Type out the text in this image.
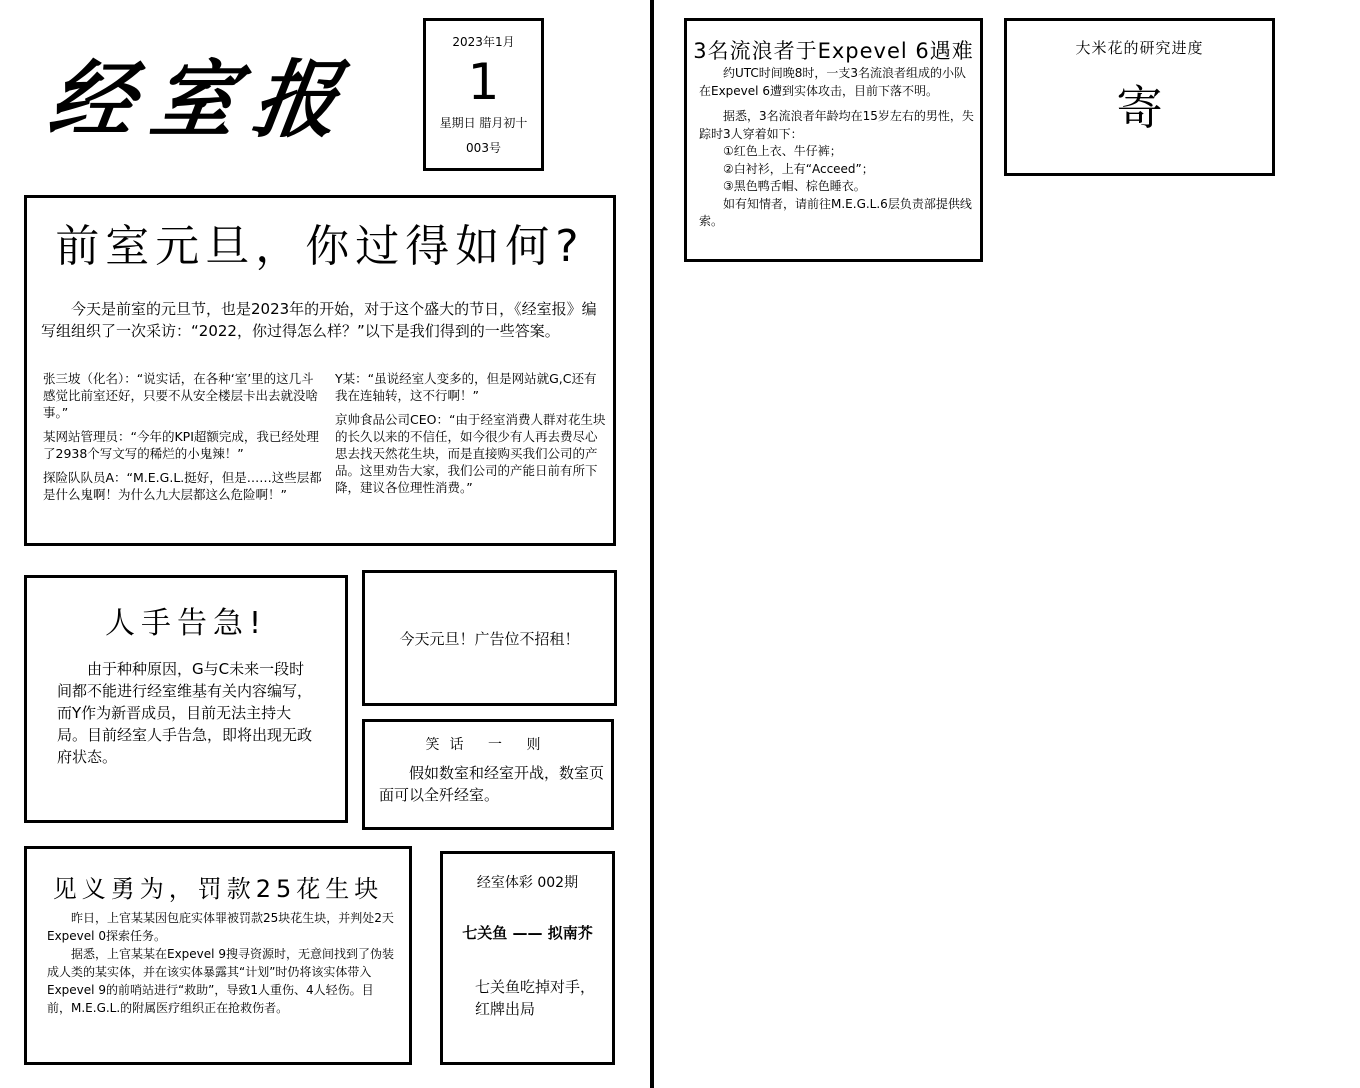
经室报
2023年1月
1
星期日 腊月初十
003号
前室元旦，你过得如何?

今天是前室的元旦节，也是2023年的开始，对于这个盛大的节日，《经室报》编写组组织了一次采访：“2022，你过得怎么样？”以下是我们得到的一些答案。

张三坡（化名）：“说实话，在各种‘室’里的这几斗感觉比前室还好，只要不从安全楼层卡出去就没啥事。”

某网站管理员：“今年的KPI超额完成，我已经处理了2938个写文写的稀烂的小鬼辣！”

探险队队员A：“M.E.G.L.挺好，但是……这些层都是什么鬼啊！为什么九大层都这么危险啊！”

Y某：“虽说经室人变多的，但是网站就G,C还有我在连轴转，这不行啊！”

京帅食品公司CEO：“由于经室消费人群对花生块的长久以来的不信任，如今很少有人再去费尽心思去找天然花生块，而是直接购买我们公司的产品。这里劝告大家，我们公司的产能日前有所下降，建议各位理性消费。”

人手告急!

由于种种原因，G与C未来一段时间都不能进行经室维基有关内容编写，而Y作为新晋成员，目前无法主持大局。目前经室人手告急，即将出现无政府状态。

今天元旦！广告位不招租！
笑话 一 则

假如数室和经室开战，数室页面可以全歼经室。

见义勇为，罚款25花生块

昨日，上官某某因包庇实体罪被罚款25块花生块，并判处2天Expevel 0探索任务。

据悉，上官某某在Expevel 9搜寻资源时，无意间找到了伪装成人类的某实体，并在该实体暴露其“计划”时仍将该实体带入Expevel 9的前哨站进行“救助”，导致1人重伤、4人轻伤。目前，M.E.G.L.的附属医疗组织正在抢救伤者。

经室体彩 002期
七关鱼 —— 拟南芥

七关鱼吃掉对手，红牌出局

3名流浪者于Expevel 6遇难

约UTC时间晚8时，一支3名流浪者组成的小队在Expevel 6遭到实体攻击，目前下落不明。

据悉，3名流浪者年龄均在15岁左右的男性，失踪时3人穿着如下：

①红色上衣、牛仔裤；

②白衬衫，上有“Acceed”；

③黑色鸭舌帽、棕色睡衣。

如有知情者，请前往M.E.G.L.6层负责部提供线索。

大米花的研究进度
寄
